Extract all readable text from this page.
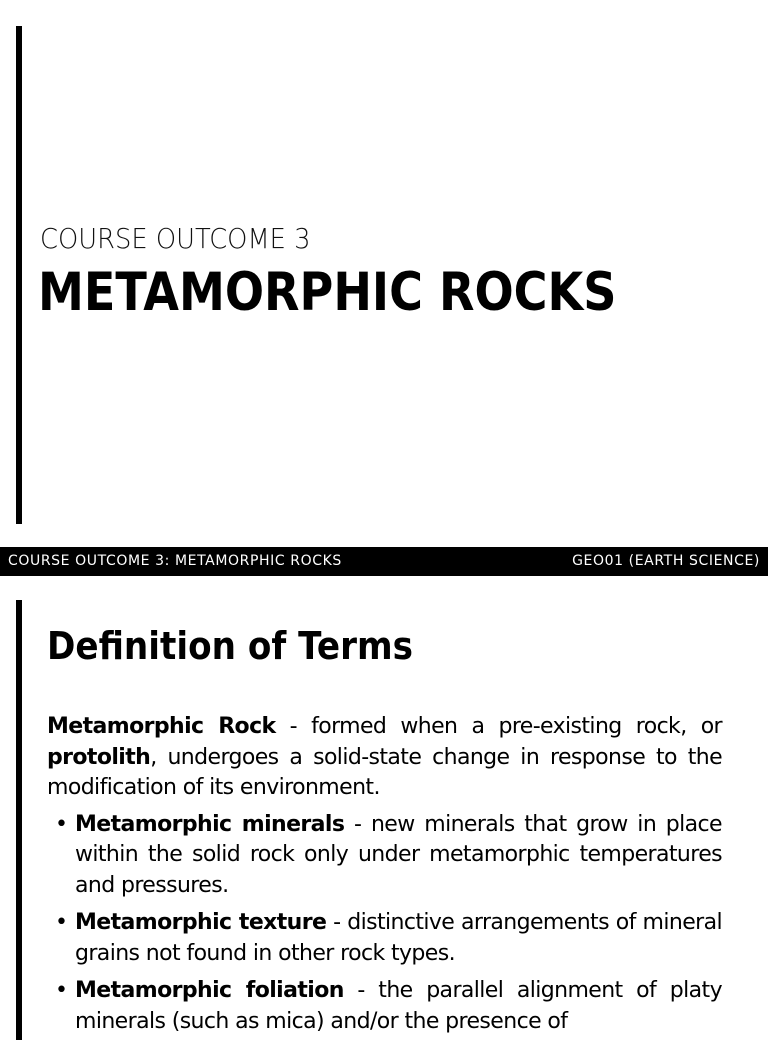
COURSE OUTCOME 3
METAMORPHIC ROCKS
COURSE OUTCOME 3: METAMORPHIC ROCKS	GEO01 (EARTH SCIENCE)
Definition of Terms

Metamorphic Rock - formed when a pre-existing rock, or protolith, undergoes a solid-state change in response to the modification of its environment.

• Metamorphic minerals - new minerals that grow in place within the solid rock only under metamorphic temperatures and pressures.
• Metamorphic texture - distinctive arrangements of mineral grains not found in other rock types.
• Metamorphic foliation - the parallel alignment of platy minerals (such as mica) and/or the presence of
